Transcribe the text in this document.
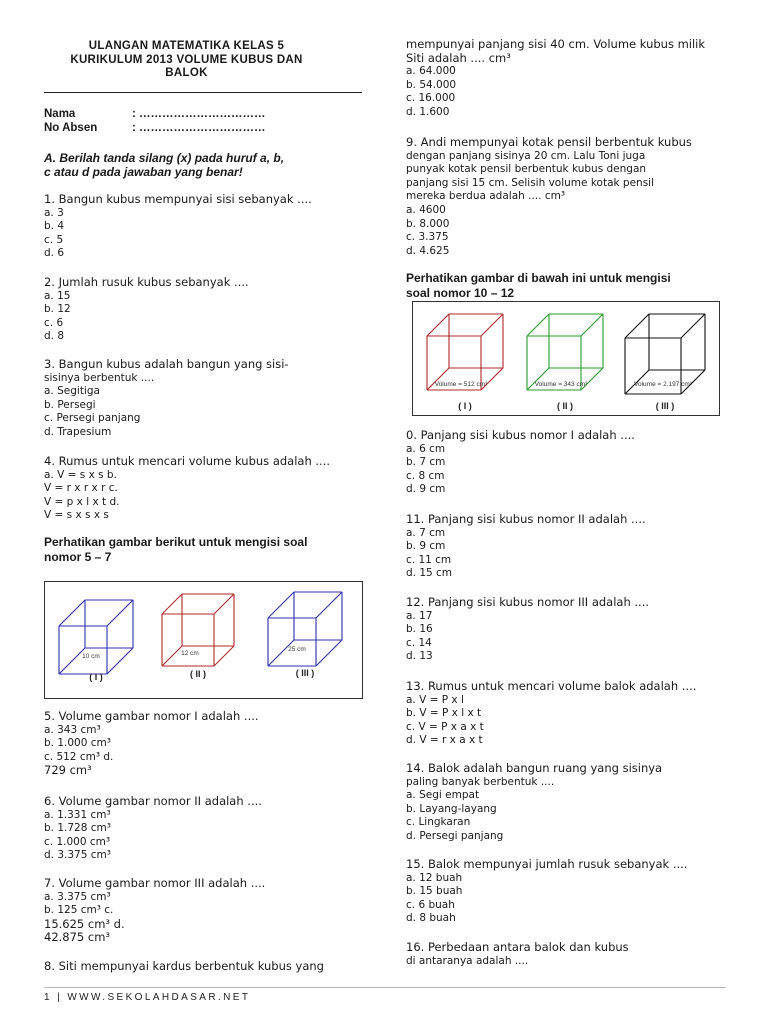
ULANGAN MATEMATIKA KELAS 5
KURIKULUM 2013 VOLUME KUBUS DAN
BALOK
Nama	: ……………………………
No Absen	: ……………………………
A. Berilah tanda silang (x) pada huruf a, b,
c atau d pada jawaban yang benar!

1. Bangun kubus mempunyai sisi sebanyak ....

a. 3

b. 4

c. 5

d. 6

2. Jumlah rusuk kubus sebanyak ....

a. 15

b. 12

c. 6

d. 8

3. Bangun kubus adalah bangun yang sisi-

sisinya berbentuk ....

a. Segitiga

b. Persegi

c. Persegi panjang

d. Trapesium

4. Rumus untuk mencari volume kubus adalah ....

a. V = s x s b.

V = r x r x r c.

V = p x l x t d.

V = s x s x s

5. Volume gambar nomor I adalah ....

a. 343 cm³

b. 1.000 cm³

c. 512 cm³ d.

729 cm³

6. Volume gambar nomor II adalah ....

a. 1.331 cm³

b. 1.728 cm³

c. 1.000 cm³

d. 3.375 cm³

7. Volume gambar nomor III adalah ....

a. 3.375 cm³

b. 125 cm³ c.

15.625 cm³ d.

42.875 cm³

8. Siti mempunyai kardus berbentuk kubus yang

Perhatikan gambar berikut untuk mengisi soal
nomor 5 – 7
10 cm
( I )
12 cm
( II )
25 cm
( III )

mempunyai panjang sisi 40 cm. Volume kubus milik

Siti adalah .... cm³

a. 64.000

b. 54.000

c. 16.000

d. 1.600

9. Andi mempunyai kotak pensil berbentuk kubus

dengan panjang sisinya 20 cm. Lalu Toni juga

punyak kotak pensil berbentuk kubus dengan

panjang sisi 15 cm. Selisih volume kotak pensil

mereka berdua adalah .... cm³

a. 4600

b. 8.000

c. 3.375

d. 4.625

0. Panjang sisi kubus nomor I adalah ....

a. 6 cm

b. 7 cm

c. 8 cm

d. 9 cm

11. Panjang sisi kubus nomor II adalah ....

a. 7 cm

b. 9 cm

c. 11 cm

d. 15 cm

12. Panjang sisi kubus nomor III adalah ....

a. 17

b. 16

c. 14

d. 13

13. Rumus untuk mencari volume balok adalah ....

a. V = P x l

b. V = P x l x t

c. V = P x a x t

d. V = r x a x t

14. Balok adalah bangun ruang yang sisinya

paling banyak berbentuk ....

a. Segi empat

b. Layang-layang

c. Lingkaran

d. Persegi panjang

15. Balok mempunyai jumlah rusuk sebanyak ....

a. 12 buah

b. 15 buah

c. 6 buah

d. 8 buah

16. Perbedaan antara balok dan kubus

di antaranya adalah ....

Perhatikan gambar di bawah ini untuk mengisi
soal nomor 10 – 12
Volume = 512 cm³
( I )
Volume = 343 cm³
( II )
Volume = 2.197 cm³
( III )
1 | WWW.SEKOLAHDASAR.NET
